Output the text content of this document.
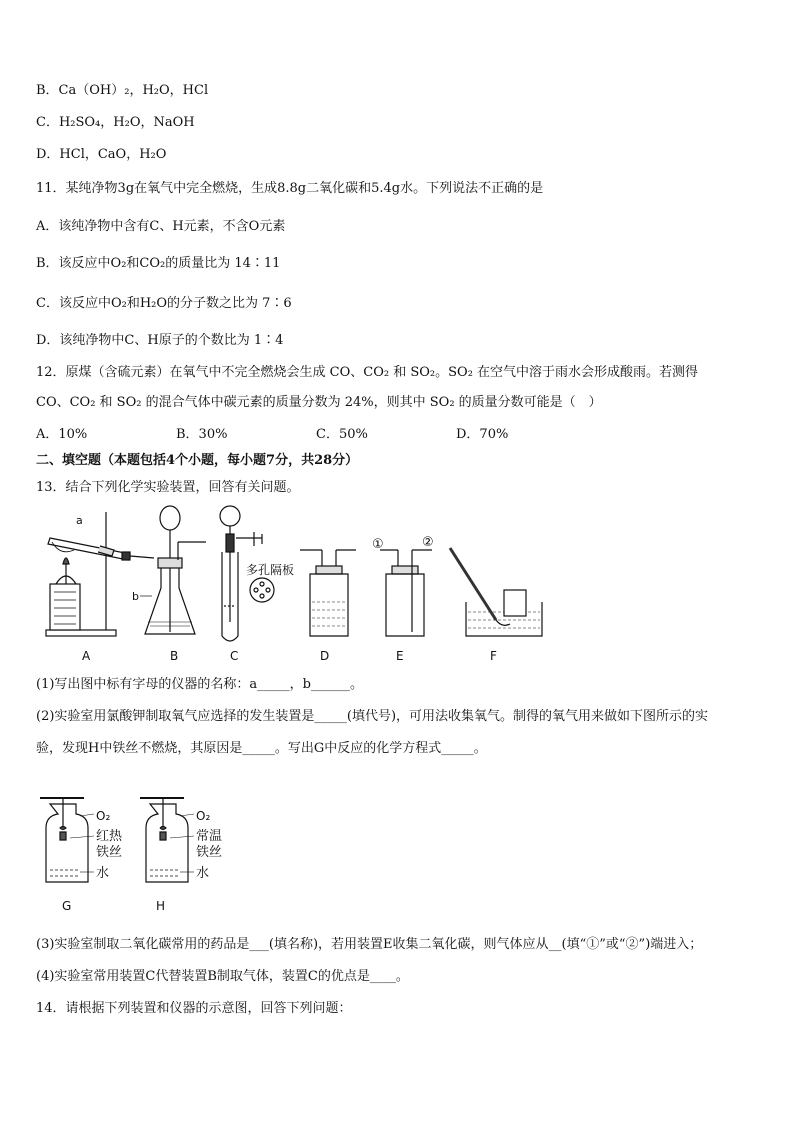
B．Ca（OH）₂，H₂O，HCl
C．H₂SO₄，H₂O，NaOH
D．HCl，CaO，H₂O
11．某纯净物3g在氧气中完全燃烧，生成8.8g二氧化碳和5.4g水。下列说法不正确的是
A．该纯净物中含有C、H元素，不含O元素
B．该反应中O₂和CO₂的质量比为 14∶11
C．该反应中O₂和H₂O的分子数之比为 7∶6
D．该纯净物中C、H原子的个数比为 1∶4
12．原煤（含硫元素）在氧气中不完全燃烧会生成 CO、CO₂ 和 SO₂。SO₂ 在空气中溶于雨水会形成酸雨。若测得
CO、CO₂ 和 SO₂ 的混合气体中碳元素的质量分数为 24%，则其中 SO₂ 的质量分数可能是（　）
A．10%	B．30%	C．50%	D．70%
二、填空题（本题包括4个小题，每小题7分，共28分）
13．结合下列化学实验装置，回答有关问题。
a
b
多孔隔板
①	②
A	B	C	D	E	F
(1)写出图中标有字母的仪器的名称：a_____，b______。
(2)实验室用氯酸钾制取氧气应选择的发生装置是_____(填代号)，可用法收集氧气。制得的氧气用来做如下图所示的实
验，发现H中铁丝不燃烧，其原因是_____。写出G中反应的化学方程式_____。
O₂
红热
铁丝
水
O₂
常温
铁丝
水
G	H
(3)实验室制取二氧化碳常用的药品是___(填名称)，若用装置E收集二氧化碳，则气体应从__(填“①”或“②”)端进入；
(4)实验室常用装置C代替装置B制取气体，装置C的优点是____。
14．请根据下列装置和仪器的示意图，回答下列问题：
